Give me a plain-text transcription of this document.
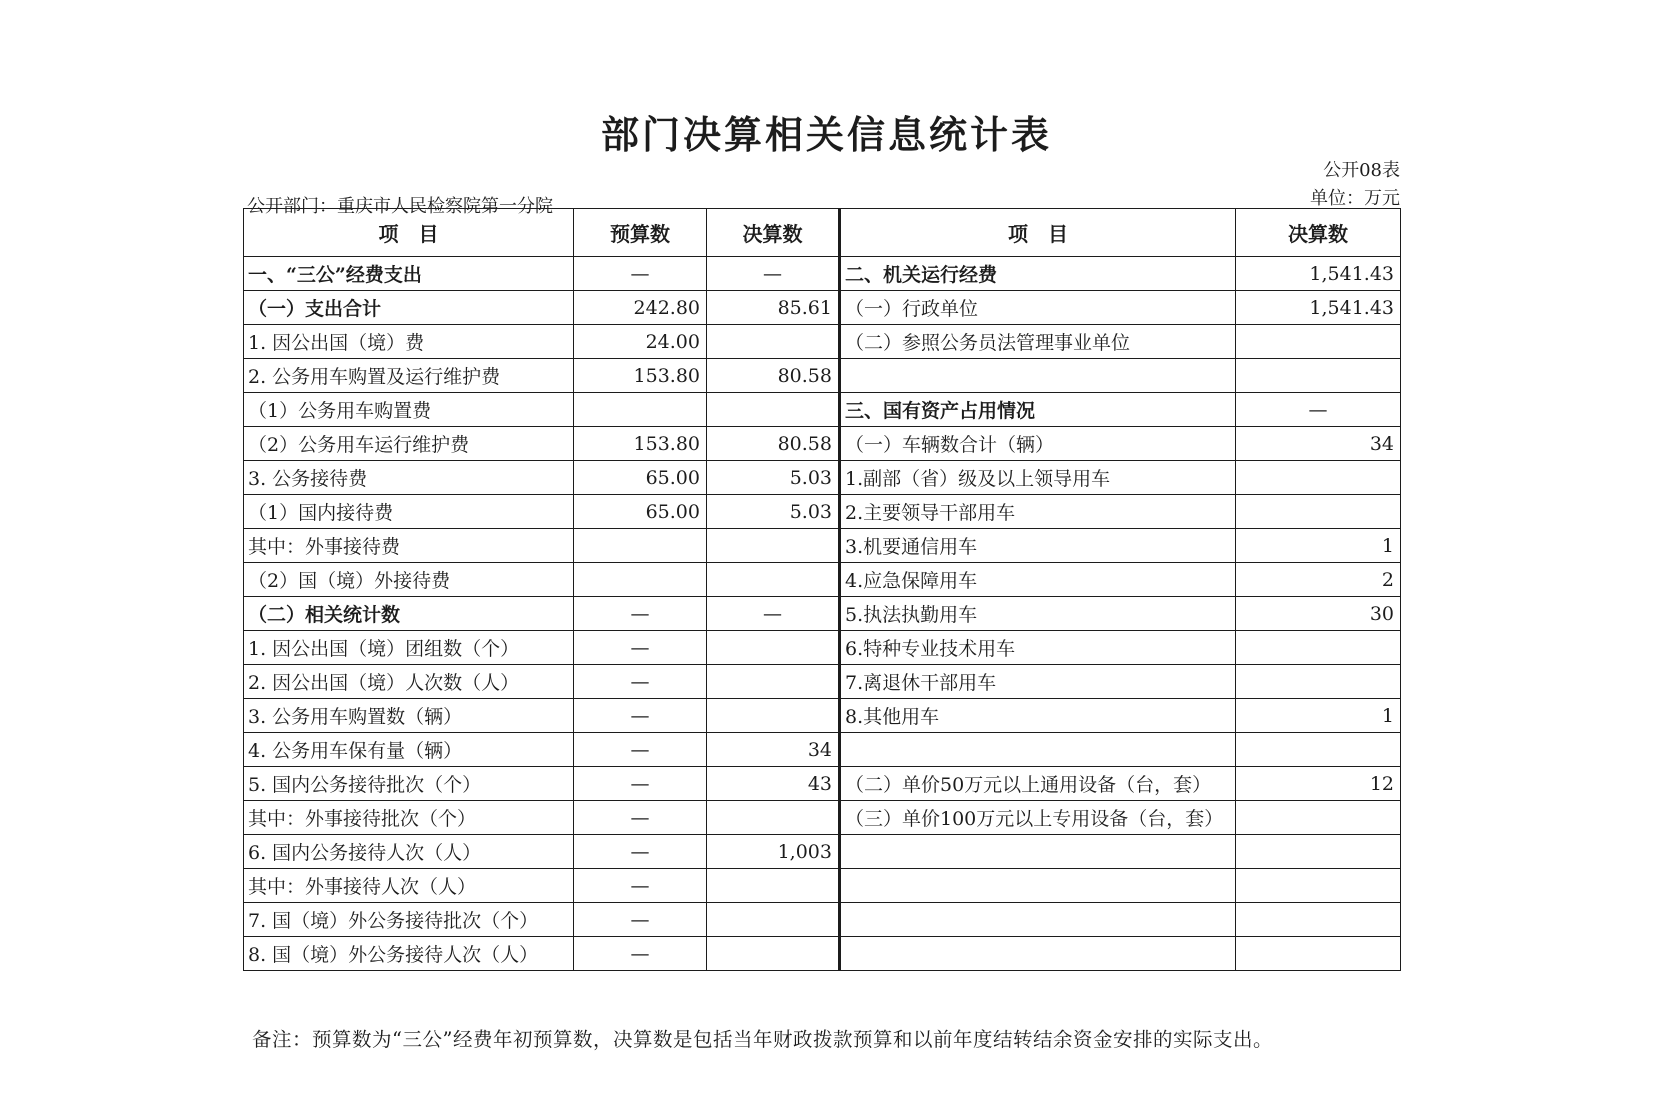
部门决算相关信息统计表
公开08表
单位：万元
公开部门：重庆市人民检察院第一分院
项　目	预算数	决算数	项　目	决算数
一、“三公”经费支出	—	—	二、机关运行经费	1,541.43
（一）支出合计	242.80	85.61	（一）行政单位	1,541.43
1. 因公出国（境）费	24.00		（二）参照公务员法管理事业单位	
2. 公务用车购置及运行维护费	153.80	80.58		
（1）公务用车购置费			三、国有资产占用情况	—
（2）公务用车运行维护费	153.80	80.58	（一）车辆数合计（辆）	34
3. 公务接待费	65.00	5.03	1.副部（省）级及以上领导用车	
（1）国内接待费	65.00	5.03	2.主要领导干部用车	
其中：外事接待费			3.机要通信用车	1
（2）国（境）外接待费			4.应急保障用车	2
（二）相关统计数	—	—	5.执法执勤用车	30
1. 因公出国（境）团组数（个）	—		6.特种专业技术用车	
2. 因公出国（境）人次数（人）	—		7.离退休干部用车	
3. 公务用车购置数（辆）	—		8.其他用车	1
4. 公务用车保有量（辆）	—	34		
5. 国内公务接待批次（个）	—	43	（二）单价50万元以上通用设备（台，套）	12
其中：外事接待批次（个）	—		（三）单价100万元以上专用设备（台，套）	
6. 国内公务接待人次（人）	—	1,003		
其中：外事接待人次（人）	—			
7. 国（境）外公务接待批次（个）	—			
8. 国（境）外公务接待人次（人）	—			
备注：预算数为“三公”经费年初预算数，决算数是包括当年财政拨款预算和以前年度结转结余资金安排的实际支出。
